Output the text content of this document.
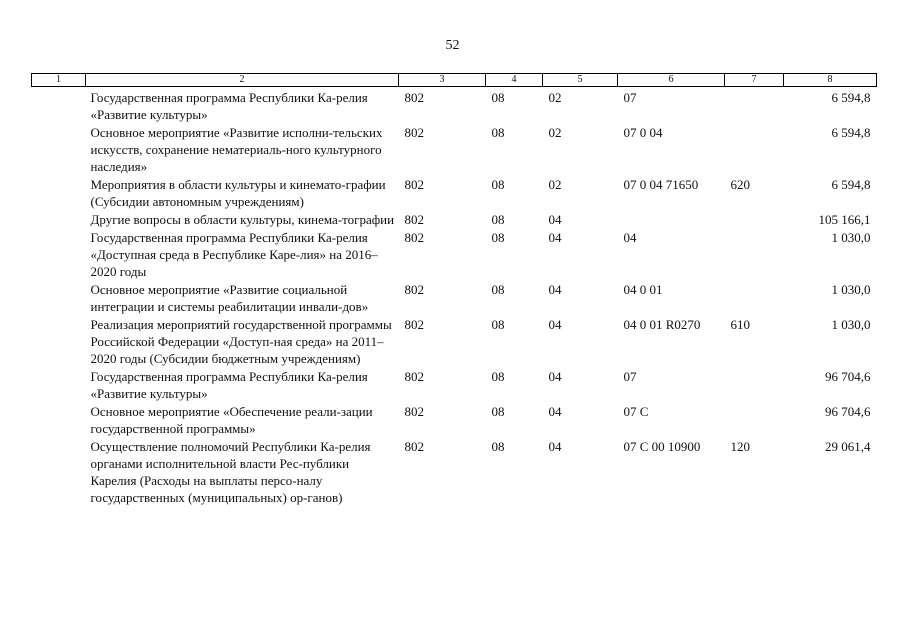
52
1	2	3	4	5	6	7	8
	Государственная программа Республики Ка-релия «Развитие культуры»	802	08	02	07		6 594,8
	Основное мероприятие «Развитие исполни-тельских искусств, сохранение нематериаль-ного культурного наследия»	802	08	02	07 0 04		6 594,8
	Мероприятия в области культуры и кинемато-графии (Субсидии автономным учреждениям)	802	08	02	07 0 04 71650	620	6 594,8
	Другие вопросы в области культуры, кинема-тографии	802	08	04			105 166,1
	Государственная программа Республики Ка-релия «Доступная среда в Республике Каре-лия» на 2016–2020 годы	802	08	04	04		1 030,0
	Основное мероприятие «Развитие социальной интеграции и системы реабилитации инвали-дов»	802	08	04	04 0 01		1 030,0
	Реализация мероприятий государственной программы Российской Федерации «Доступ-ная среда» на 2011–2020 годы (Субсидии бюджетным учреждениям)	802	08	04	04 0 01 R0270	610	1 030,0
	Государственная программа Республики Ка-релия «Развитие культуры»	802	08	04	07		96 704,6
	Основное мероприятие «Обеспечение реали-зации государственной программы»	802	08	04	07 С		96 704,6
	Осуществление полномочий Республики Ка-релия органами исполнительной власти Рес-публики Карелия (Расходы на выплаты персо-налу государственных (муниципальных) ор-ганов)	802	08	04	07 С 00 10900	120	29 061,4
